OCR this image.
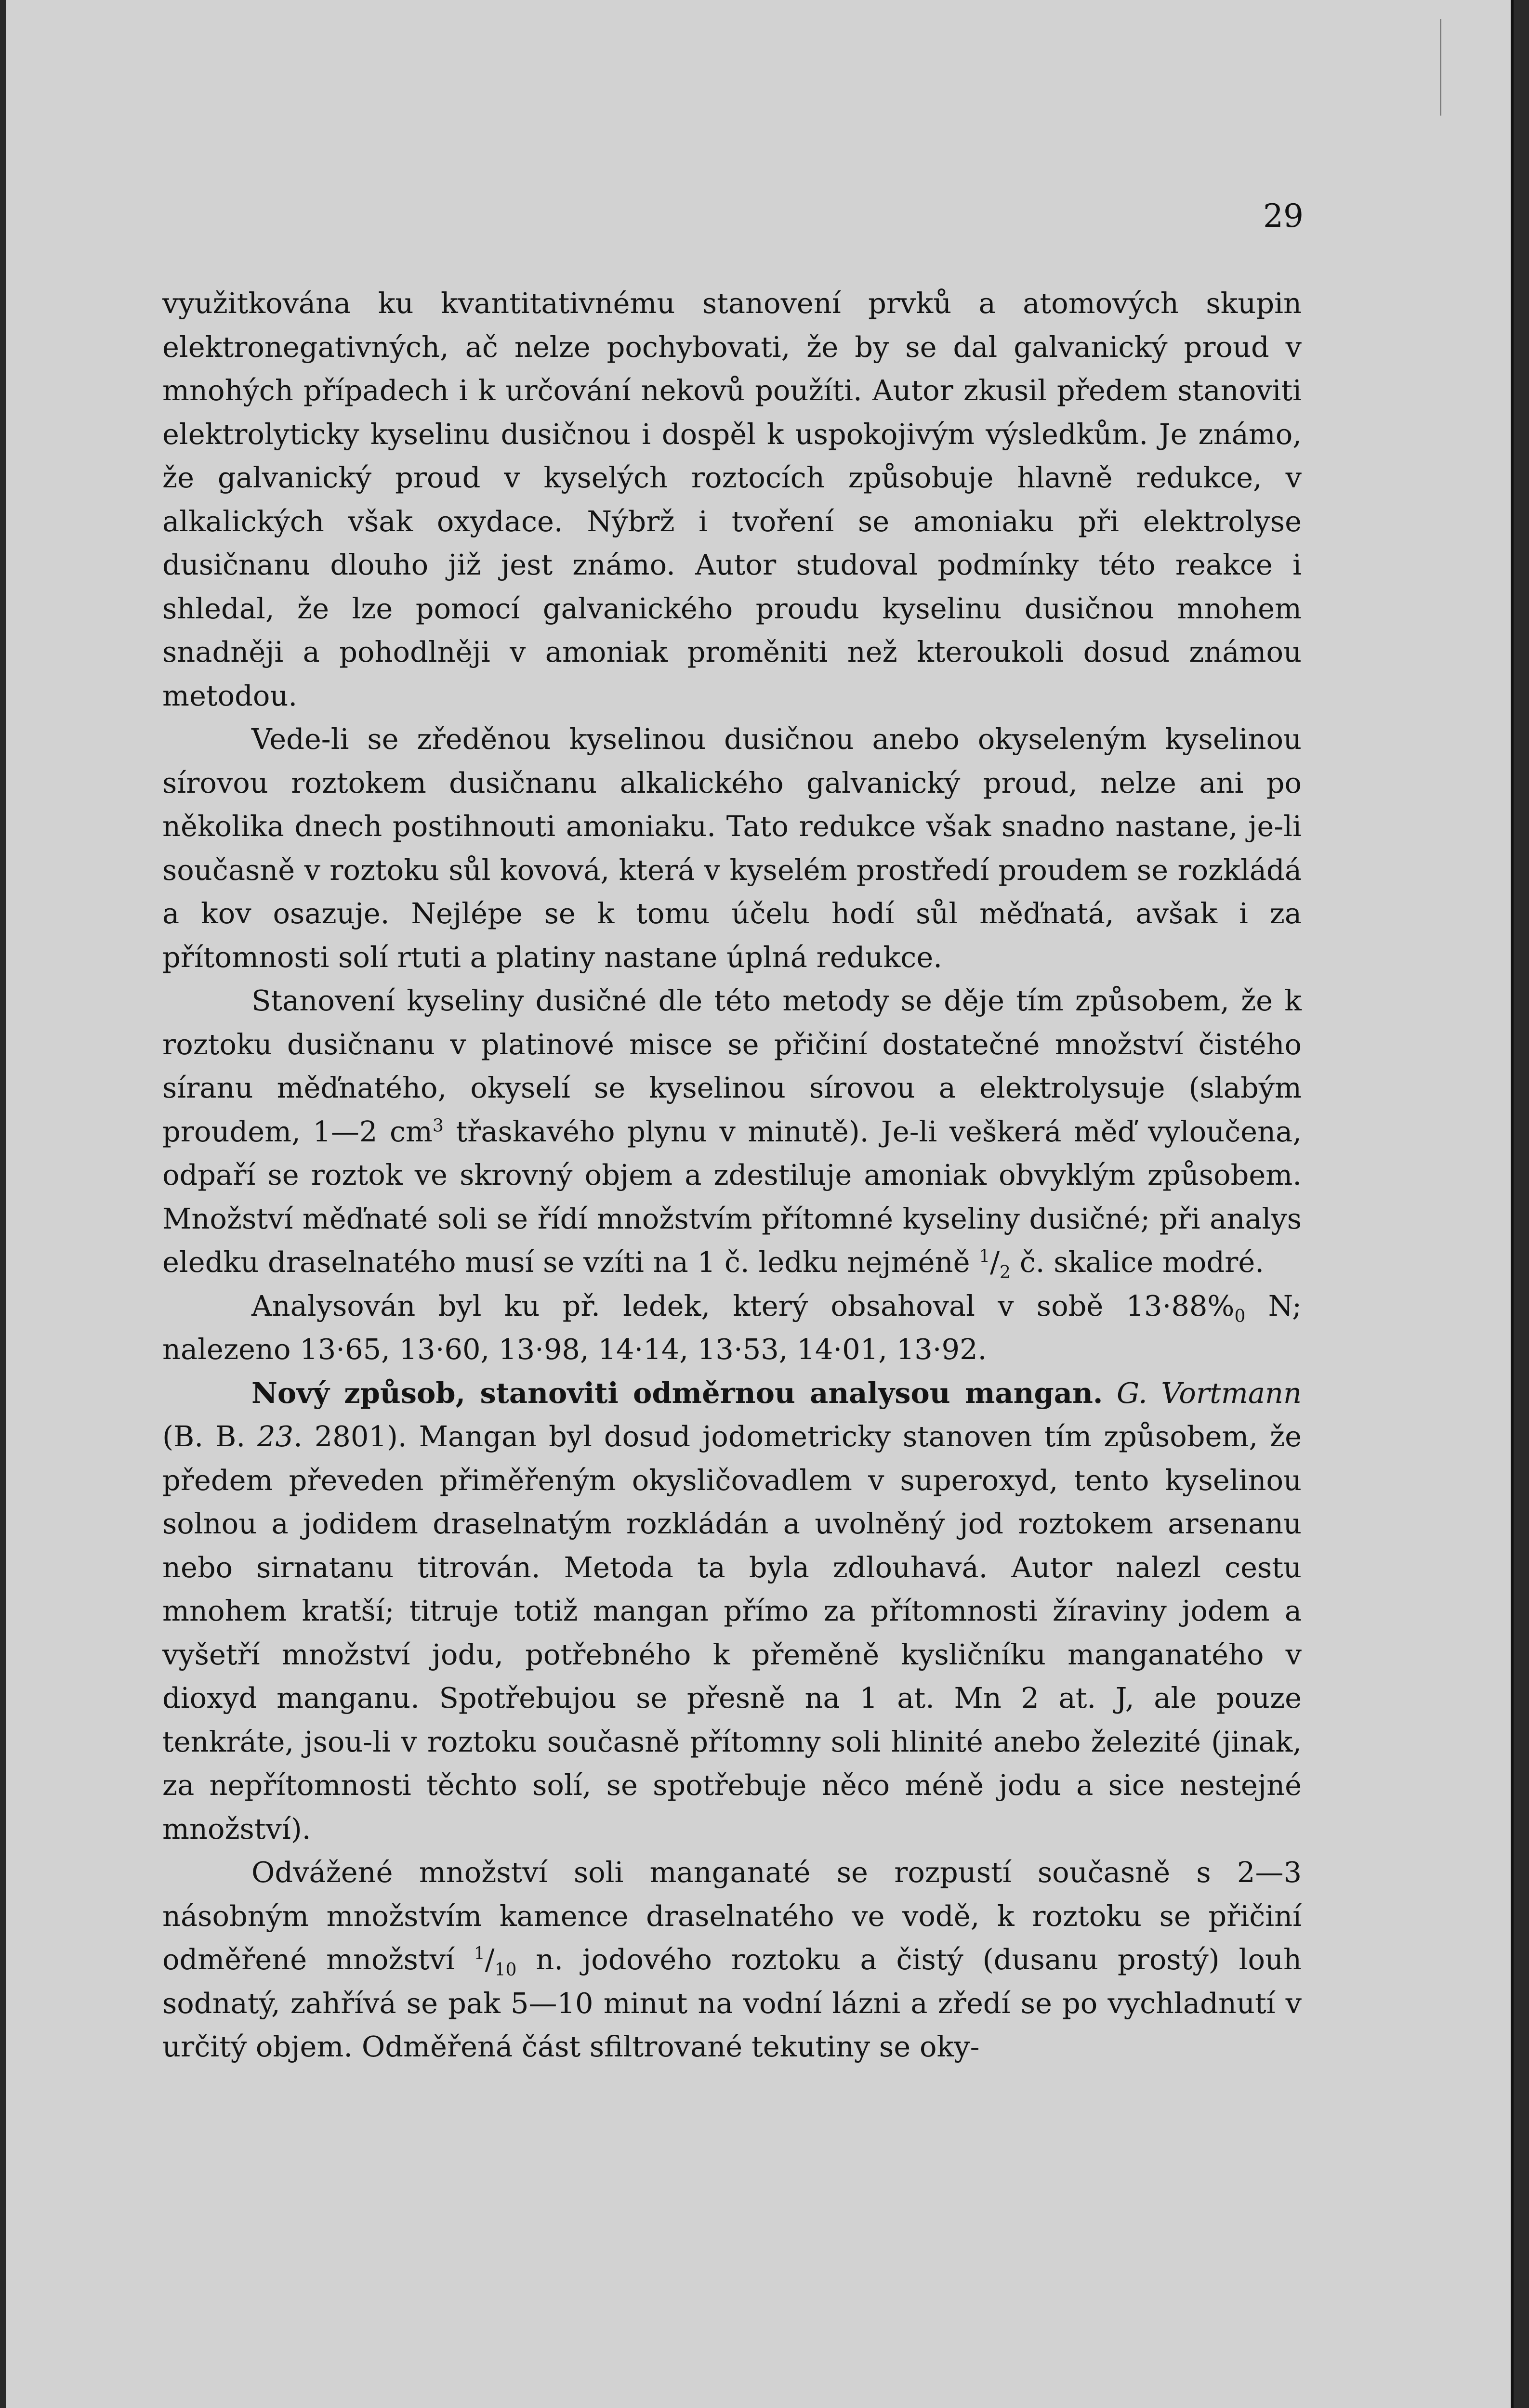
29

využitkována ku kvantitativnému stanovení prvků a atomových skupin elektronegativných, ač nelze pochybovati, že by se dal galvanický proud v mnohých případech i k určování nekovů použíti. Autor zkusil předem stanoviti elektrolyticky kyselinu dusičnou i dospěl k uspokojivým výsledkům. Je známo, že galvanický proud v kyselých roztocích způsobuje hlavně redukce, v alkalických však oxydace. Nýbrž i tvoření se amoniaku při elektrolyse dusičnanu dlouho již jest známo. Autor studoval podmínky této reakce i shledal, že lze pomocí galvanického proudu kyselinu dusičnou mnohem snadněji a pohodlněji v amoniak proměniti než kteroukoli dosud známou metodou.

Vede-li se zředěnou kyselinou dusičnou anebo okyseleným kyselinou sírovou roztokem dusičnanu alkalického galvanický proud, nelze ani po několika dnech postihnouti amoniaku. Tato redukce však snadno nastane, je-li současně v roztoku sůl kovová, která v kyselém prostředí proudem se rozkládá a kov osazuje. Nejlépe se k tomu účelu hodí sůl měďnatá, avšak i za přítomnosti solí rtuti a platiny nastane úplná redukce.

Stanovení kyseliny dusičné dle této metody se děje tím způsobem, že k roztoku dusičnanu v platinové misce se přičiní dostatečné množství čistého síranu měďnatého, okyselí se kyselinou sírovou a elektrolysuje (slabým proudem, 1—2 $cm^3$ třaskavého plynu v minutě). Je-li veškerá měď vyloučena, odpaří se roztok ve skrovný objem a zdestiluje amoniak obvyklým způsobem. Množství měďnaté soli se řídí množstvím přítomné kyseliny dusičné; při analys eledku draselnatého musí se vzíti na 1 č. ledku nejméně $^1/_2$ č. skalice modré.

Analysován byl ku př. ledek, který obsahoval v sobě $13\cdot 88\%_0$ N; nalezeno 13·65, 13·60, 13·98, 14·14, 13·53, 14·01, 13·92.

Nový způsob, stanoviti odměrnou analysou mangan. G. Vortmann (B. B. 23. 2801). Mangan byl dosud jodometricky stanoven tím způsobem, že předem převeden přiměřeným okysličovadlem v superoxyd, tento kyselinou solnou a jodidem draselnatým rozkládán a uvolněný jod roztokem arsenanu nebo sirnatanu titrován. Metoda ta byla zdlouhavá. Autor nalezl cestu mnohem kratší; titruje totiž mangan přímo za přítomnosti žíraviny jodem a vyšetří množství jodu, potřebného k přeměně kysličníku manganatého v dioxyd manganu. Spotřebujou se přesně na 1 at. Mn 2 at. J, ale pouze tenkráte, jsou-li v roztoku současně přítomny soli hlinité anebo železité (jinak, za nepřítomnosti těchto solí, se spotřebuje něco méně jodu a sice nestejné množství).

Odvážené množství soli manganaté se rozpustí současně s 2—3 násobným množstvím kamence draselnatého ve vodě, k roztoku se přičiní odměřené množství $^1/_{10}$ n. jodového roztoku a čistý (dusanu prostý) louh sodnatý, zahřívá se pak 5—10 minut na vodní lázni a zředí se po vychladnutí v určitý objem. Odměřená část sfiltrované tekutiny se oky-
